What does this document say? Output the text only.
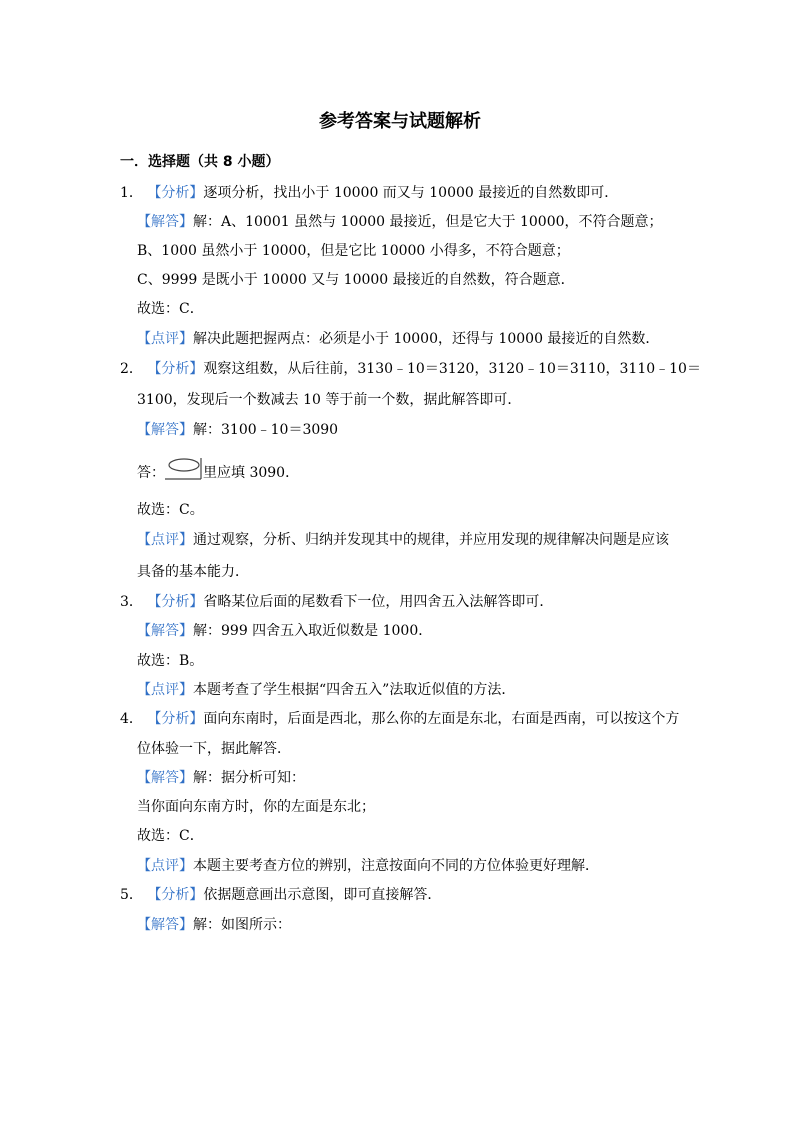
参考答案与试题解析
一．选择题（共 8 小题）
1． 【分析】逐项分析，找出小于 10000 而又与 10000 最接近的自然数即可．
【解答】解：A、10001 虽然与 10000 最接近，但是它大于 10000，不符合题意；
B、1000 虽然小于 10000，但是它比 10000 小得多，不符合题意；
C、9999 是既小于 10000 又与 10000 最接近的自然数，符合题意．
故选：C．
【点评】解决此题把握两点：必须是小于 10000，还得与 10000 最接近的自然数．
2． 【分析】观察这组数，从后往前，3130﹣10＝3120，3120﹣10＝3110，3110﹣10＝
3100，发现后一个数减去 10 等于前一个数，据此解答即可．
【解答】解：3100﹣10＝3090
答：	里应填 3090．
故选：C。
【点评】通过观察，分析、归纳并发现其中的规律，并应用发现的规律解决问题是应该
具备的基本能力．
3． 【分析】省略某位后面的尾数看下一位，用四舍五入法解答即可．
【解答】解：999 四舍五入取近似数是 1000．
故选：B。
【点评】本题考查了学生根据“四舍五入”法取近似值的方法．
4． 【分析】面向东南时，后面是西北，那么你的左面是东北，右面是西南，可以按这个方
位体验一下，据此解答．
【解答】解：据分析可知：
当你面向东南方时，你的左面是东北；
故选：C．
【点评】本题主要考查方位的辨别，注意按面向不同的方位体验更好理解．
5． 【分析】依据题意画出示意图，即可直接解答．
【解答】解：如图所示：
